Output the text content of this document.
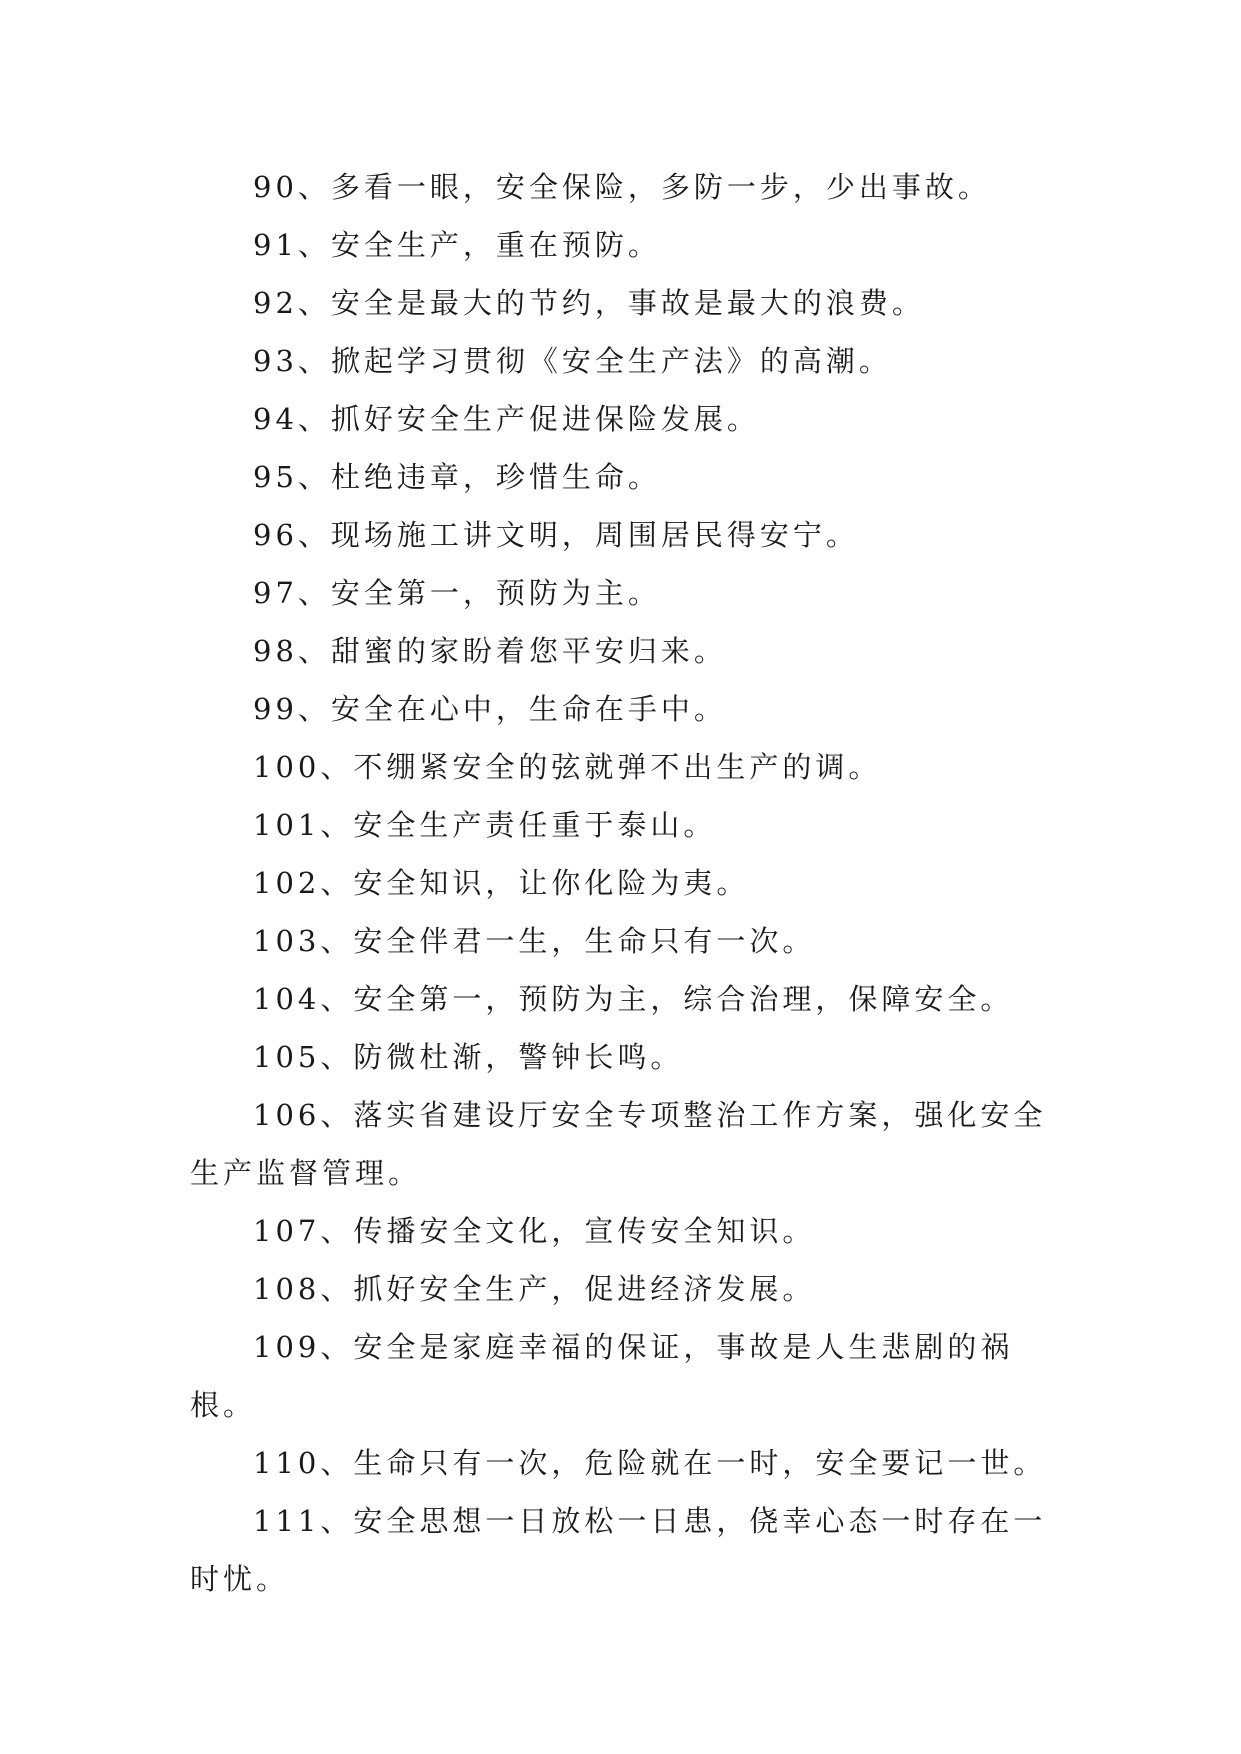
90、多看一眼，安全保险，多防一步，少出事故。

91、安全生产，重在预防。

92、安全是最大的节约，事故是最大的浪费。

93、掀起学习贯彻《安全生产法》的高潮。

94、抓好安全生产促进保险发展。

95、杜绝违章，珍惜生命。

96、现场施工讲文明，周围居民得安宁。

97、安全第一，预防为主。

98、甜蜜的家盼着您平安归来。

99、安全在心中，生命在手中。

100、不绷紧安全的弦就弹不出生产的调。

101、安全生产责任重于泰山。

102、安全知识，让你化险为夷。

103、安全伴君一生，生命只有一次。

104、安全第一，预防为主，综合治理，保障安全。

105、防微杜渐，警钟长鸣。

106、落实省建设厅安全专项整治工作方案，强化安全生产监督管理。

107、传播安全文化，宣传安全知识。

108、抓好安全生产，促进经济发展。

109、安全是家庭幸福的保证，事故是人生悲剧的祸根。

110、生命只有一次，危险就在一时，安全要记一世。

111、安全思想一日放松一日患，侥幸心态一时存在一时忧。
